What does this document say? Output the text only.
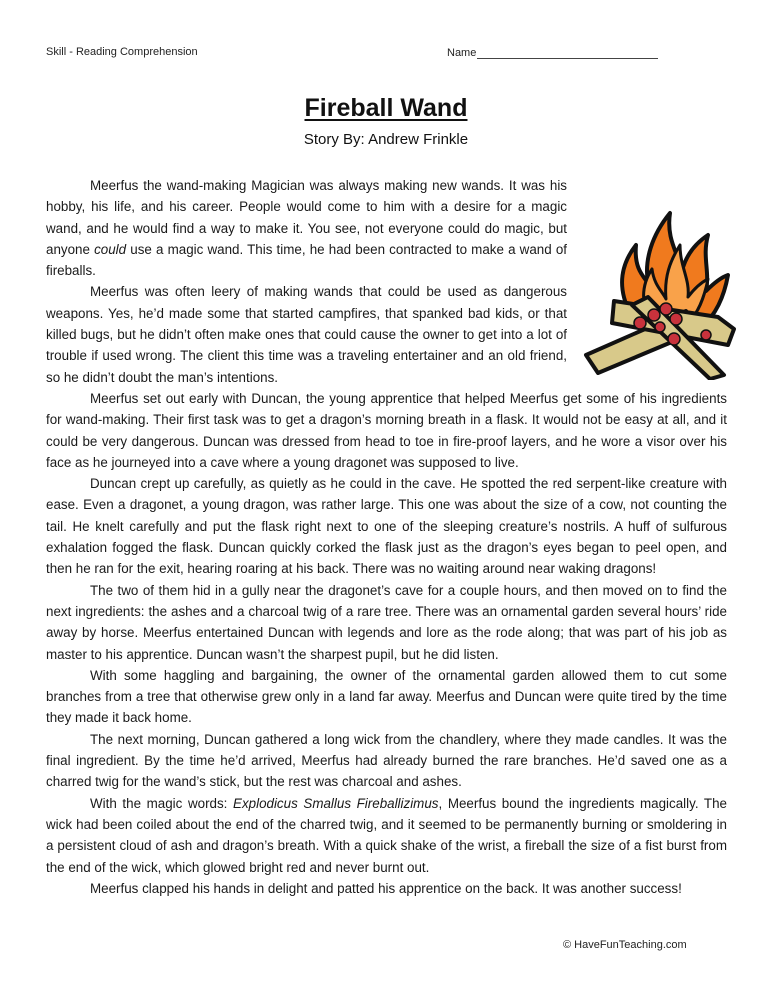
Skill - Reading Comprehension	Name
Fireball Wand
Story By: Andrew Frinkle

Meerfus the wand-making Magician was always making new wands. It was his hobby, his life, and his career. People would come to him with a desire for a magic wand, and he would find a way to make it. You see, not everyone could do magic, but anyone could use a magic wand. This time, he had been contracted to make a wand of fireballs.

Meerfus was often leery of making wands that could be used as dangerous weapons. Yes, he’d made some that started campfires, that spanked bad kids, or that killed bugs, but he didn’t often make ones that could cause the owner to get into a lot of trouble if used wrong. The client this time was a traveling entertainer and an old friend, so he didn’t doubt the man’s intentions.

Meerfus set out early with Duncan, the young apprentice that helped Meerfus get some of his ingredients for wand-making. Their first task was to get a dragon’s morning breath in a flask. It would not be easy at all, and it could be very dangerous. Duncan was dressed from head to toe in fire-proof layers, and he wore a visor over his face as he journeyed into a cave where a young dragonet was supposed to live.

Duncan crept up carefully, as quietly as he could in the cave. He spotted the red serpent-like creature with ease. Even a dragonet, a young dragon, was rather large. This one was about the size of a cow, not counting the tail. He knelt carefully and put the flask right next to one of the sleeping creature’s nostrils. A huff of sulfurous exhalation fogged the flask. Duncan quickly corked the flask just as the dragon’s eyes began to peel open, and then he ran for the exit, hearing roaring at his back. There was no waiting around near waking dragons!

The two of them hid in a gully near the dragonet’s cave for a couple hours, and then moved on to find the next ingredients: the ashes and a charcoal twig of a rare tree. There was an ornamental garden several hours’ ride away by horse. Meerfus entertained Duncan with legends and lore as the rode along; that was part of his job as master to his apprentice. Duncan wasn’t the sharpest pupil, but he did listen.

With some haggling and bargaining, the owner of the ornamental garden allowed them to cut some branches from a tree that otherwise grew only in a land far away. Meerfus and Duncan were quite tired by the time they made it back home.

The next morning, Duncan gathered a long wick from the chandlery, where they made candles. It was the final ingredient. By the time he’d arrived, Meerfus had already burned the rare branches. He’d saved one as a charred twig for the wand’s stick, but the rest was charcoal and ashes.

With the magic words: Explodicus Smallus Fireballizimus, Meerfus bound the ingredients magically. The wick had been coiled about the end of the charred twig, and it seemed to be permanently burning or smoldering in a persistent cloud of ash and dragon’s breath. With a quick shake of the wrist, a fireball the size of a fist burst from the end of the wick, which glowed bright red and never burnt out.

Meerfus clapped his hands in delight and patted his apprentice on the back. It was another success!

© HaveFunTeaching.com
